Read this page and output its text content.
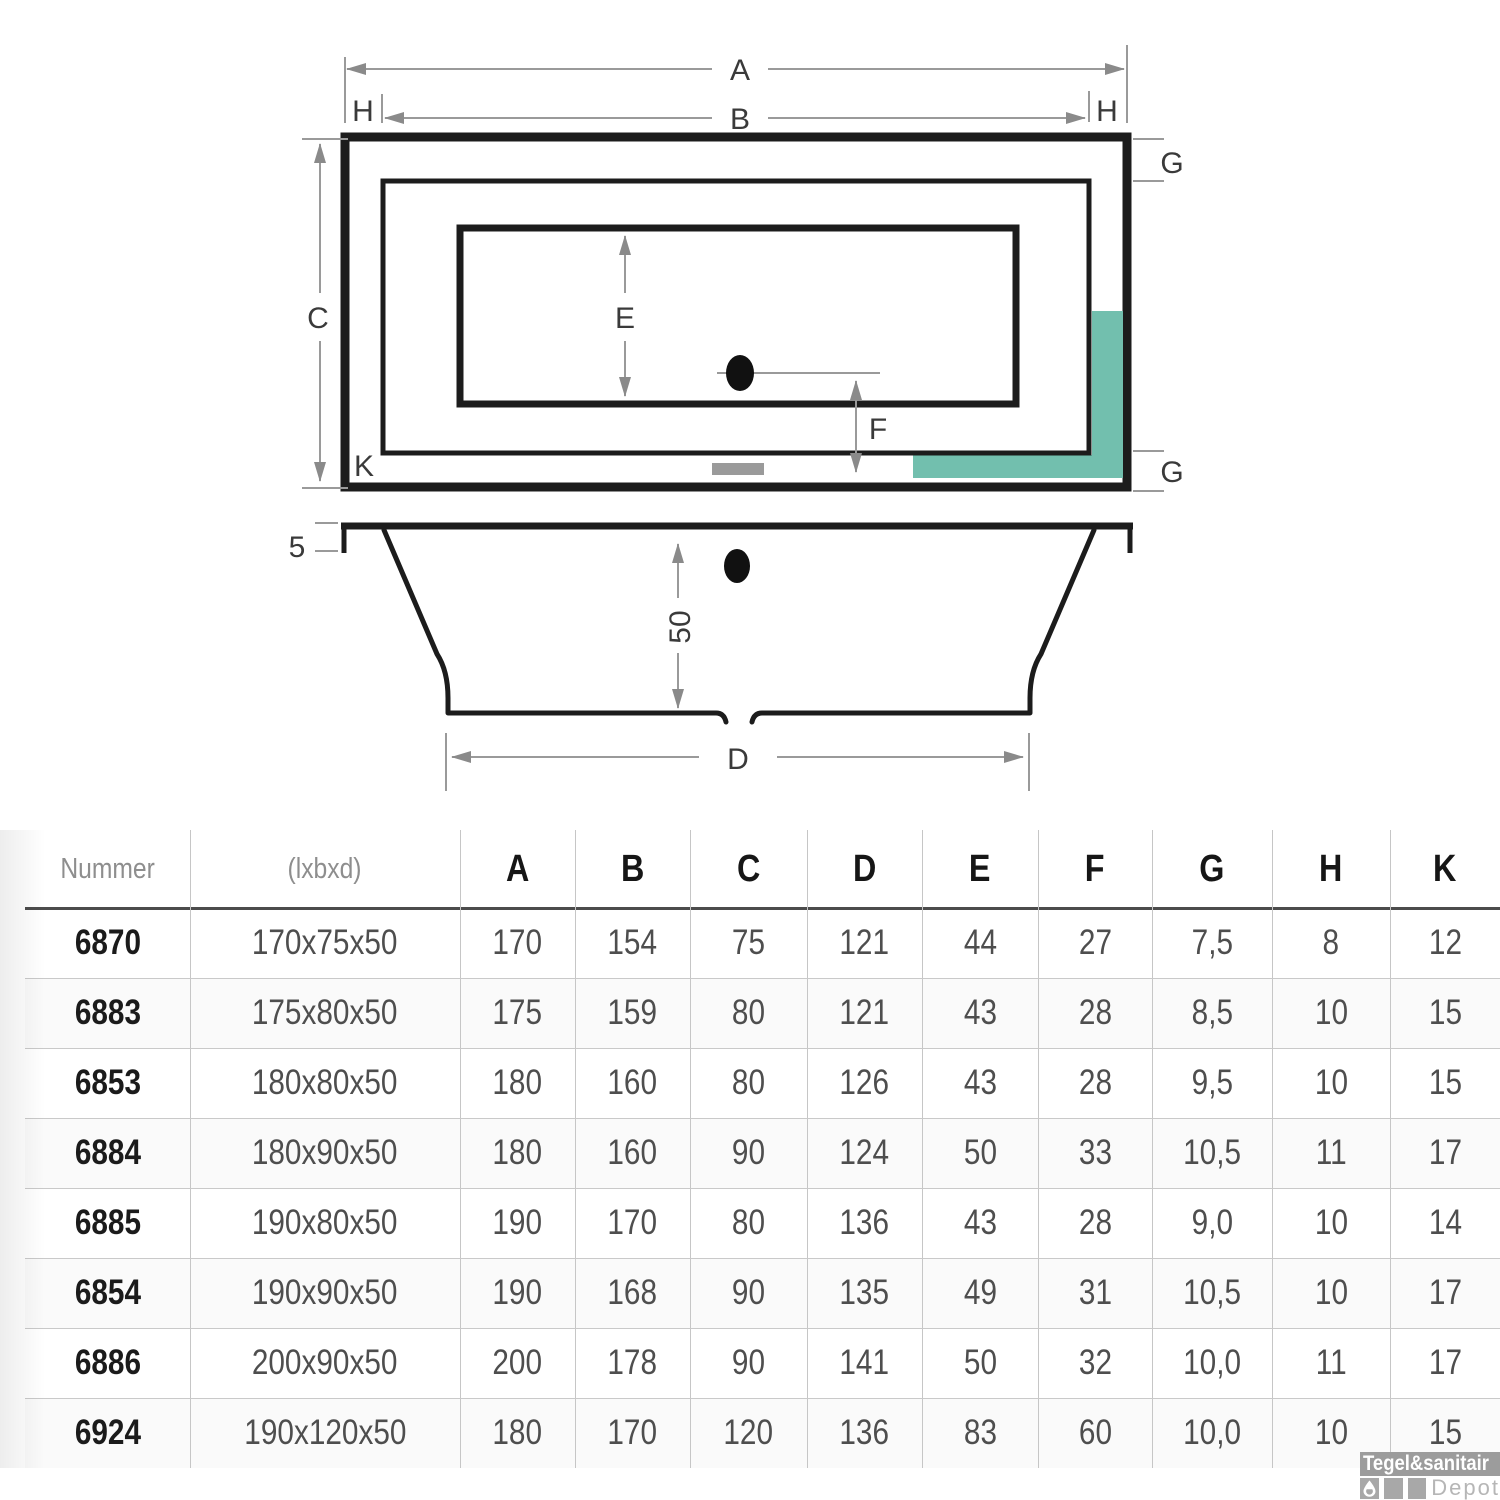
A
B
H	H
G
G
C	E
F
K
5
50
D
Nummer	(lxbxd)	A B C D E F G H K
6870	170x75x50	170 154 75 121 44 27 7,5	8	12
6883	175x80x50	175 159 80 121 43 28 8,5 10 15
6853	180x80x50	180 160 80 126 43 28 9,5 10 15
6884	180x90x50	180 160 90 124 50 33 10,5 11 17
6885	190x80x50	190 170 80 136 43 28 9,0 10 14
6854	190x90x50	190 168 90 135 49 31 10,5 10 17
6886	200x90x50	200 178 90 141 50 32 10,0 11 17
6924	190x120x50 180 170 120 136 83 60 10,0 10 15
Tegel&sanitair
Depot
